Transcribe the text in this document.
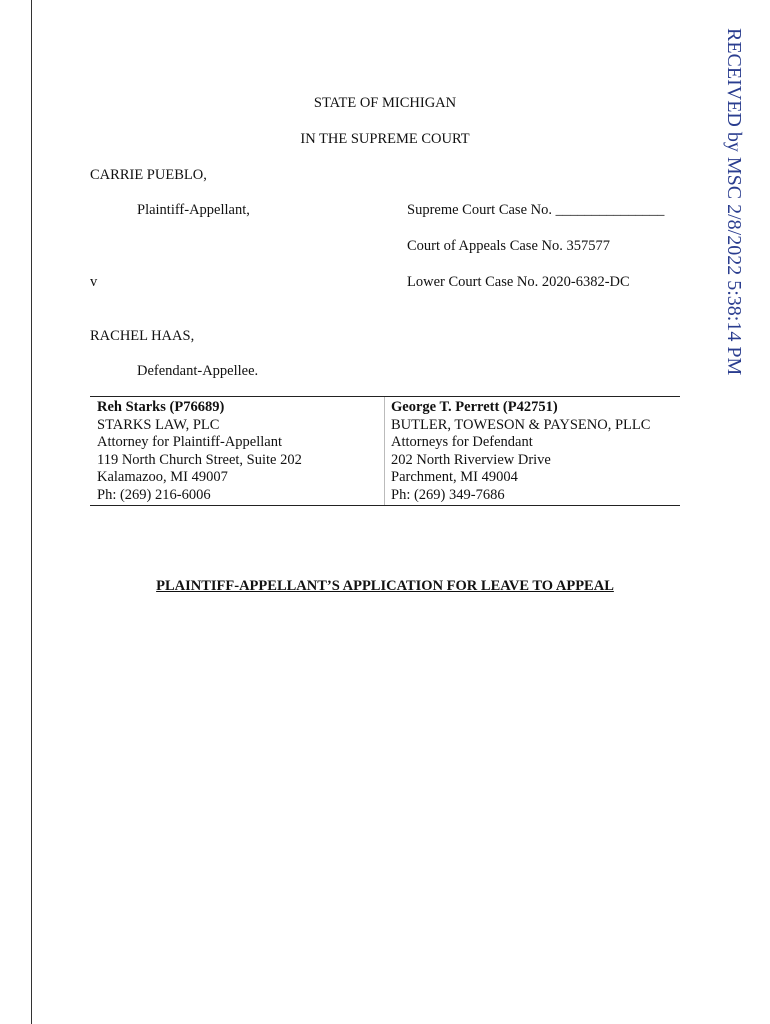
RECEIVED by MSC 2/8/2022 5:38:14 PM
STATE OF MICHIGAN
IN THE SUPREME COURT
CARRIE PUEBLO,
Plaintiff-Appellant,	Supreme Court Case No. _______________
Court of Appeals Case No. 357577
v	Lower Court Case No. 2020-6382-DC
RACHEL HAAS,
Defendant-Appellee.
Reh Starks (P76689)
STARKS LAW, PLC
Attorney for Plaintiff-Appellant
119 North Church Street, Suite 202
Kalamazoo, MI 49007
Ph: (269) 216-6006
George T. Perrett (P42751)
BUTLER, TOWESON & PAYSENO, PLLC
Attorneys for Defendant
202 North Riverview Drive
Parchment, MI 49004
Ph: (269) 349-7686
PLAINTIFF-APPELLANT’S APPLICATION FOR LEAVE TO APPEAL
